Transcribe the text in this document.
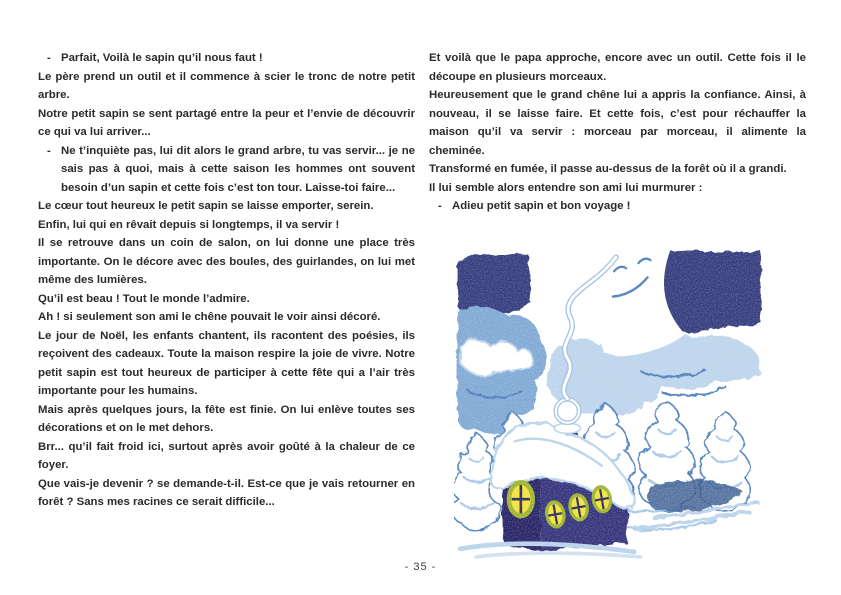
- Parfait, Voilà le sapin qu’il nous faut !

Le père prend un outil et il commence à scier le tronc de notre petit arbre.

Notre petit sapin se sent partagé entre la peur et l’envie de découvrir ce qui va lui arriver...

- Ne t’inquiète pas, lui dit alors le grand arbre, tu vas servir... je ne sais pas à quoi, mais à cette saison les hommes ont souvent besoin d’un sapin et cette fois c’est ton tour. Laisse-toi faire...

Le cœur tout heureux le petit sapin se laisse emporter, serein.

Enfin, lui qui en rêvait depuis si longtemps, il va servir !

Il se retrouve dans un coin de salon, on lui donne une place très importante. On le décore avec des boules, des guirlandes, on lui met même des lumières.

Qu’il est beau ! Tout le monde l’admire.

Ah ! si seulement son ami le chêne pouvait le voir ainsi décoré.

Le jour de Noël, les enfants chantent, ils racontent des poésies, ils reçoivent des cadeaux. Toute la maison respire la joie de vivre. Notre petit sapin est tout heureux de participer à cette fête qui a l’air très importante pour les humains.

Mais après quelques jours, la fête est finie. On lui enlève toutes ses décorations et on le met dehors.

Brr... qu’il fait froid ici, surtout après avoir goûté à la chaleur de ce foyer.

Que vais-je devenir ? se demande-t-il. Est-ce que je vais retourner en forêt ? Sans mes racines ce serait difficile...

Et voilà que le papa approche, encore avec un outil. Cette fois il le découpe en plusieurs morceaux.

Heureusement que le grand chêne lui a appris la confiance. Ainsi, à nouveau, il se laisse faire. Et cette fois, c’est pour réchauffer la maison qu’il va servir : morceau par morceau, il alimente la cheminée.

Transformé en fumée, il passe au-dessus de la forêt où il a grandi.

Il lui semble alors entendre son ami lui murmurer :

- Adieu petit sapin et bon voyage !

- 35 -
